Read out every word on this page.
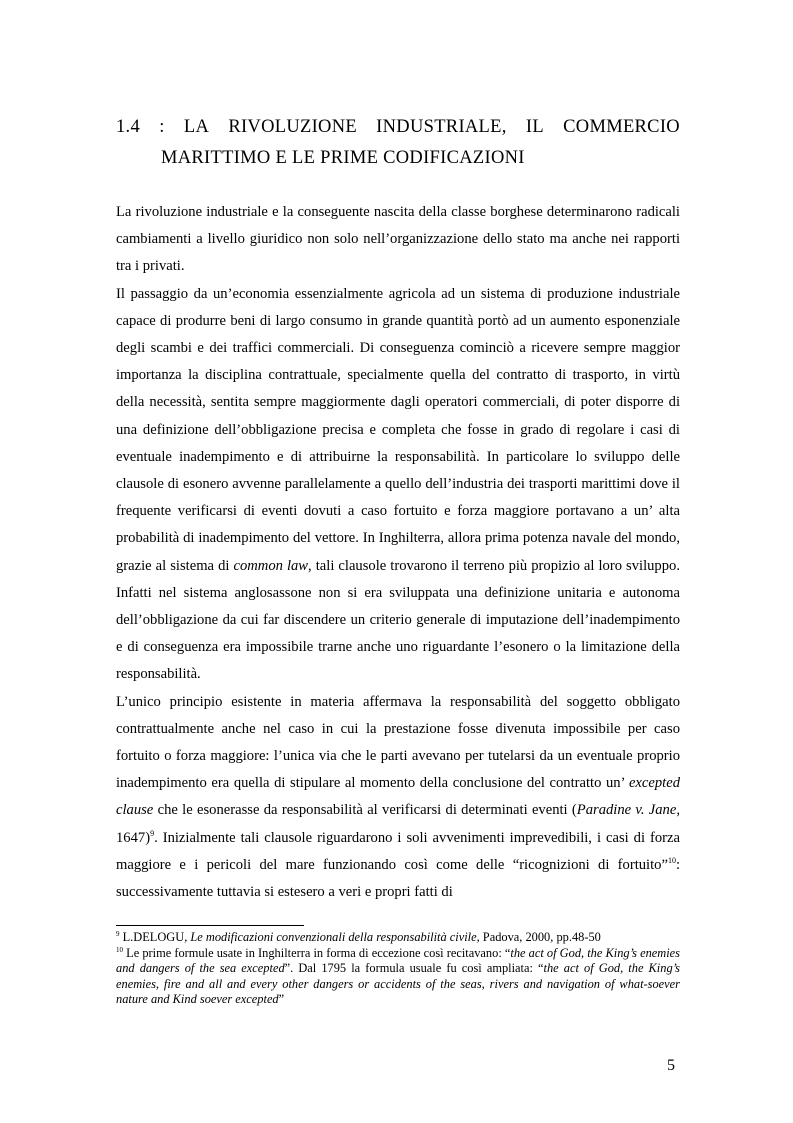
1.4 : LA RIVOLUZIONE INDUSTRIALE, IL COMMERCIO
MARITTIMO E LE PRIME CODIFICAZIONI

La rivoluzione industriale e la conseguente nascita della classe borghese determinarono radicali cambiamenti a livello giuridico non solo nell’organizzazione dello stato ma anche nei rapporti tra i privati.

Il passaggio da un’economia essenzialmente agricola ad un sistema di produzione industriale capace di produrre beni di largo consumo in grande quantità portò ad un aumento esponenziale degli scambi e dei traffici commerciali. Di conseguenza cominciò a ricevere sempre maggior importanza la disciplina contrattuale, specialmente quella del contratto di trasporto, in virtù della necessità, sentita sempre maggiormente dagli operatori commerciali, di poter disporre di una definizione dell’obbligazione precisa e completa che fosse in grado di regolare i casi di eventuale inadempimento e di attribuirne la responsabilità. In particolare lo sviluppo delle clausole di esonero avvenne parallelamente a quello dell’industria dei trasporti marittimi dove il frequente verificarsi di eventi dovuti a caso fortuito e forza maggiore portavano a un’ alta probabilità di inadempimento del vettore. In Inghilterra, allora prima potenza navale del mondo, grazie al sistema di common law, tali clausole trovarono il terreno più propizio al loro sviluppo. Infatti nel sistema anglosassone non si era sviluppata una definizione unitaria e autonoma dell’obbligazione da cui far discendere un criterio generale di imputazione dell’inadempimento e di conseguenza era impossibile trarne anche uno riguardante l’esonero o la limitazione della responsabilità.

L’unico principio esistente in materia affermava la responsabilità del soggetto obbligato contrattualmente anche nel caso in cui la prestazione fosse divenuta impossibile per caso fortuito o forza maggiore: l’unica via che le parti avevano per tutelarsi da un eventuale proprio inadempimento era quella di stipulare al momento della conclusione del contratto un’ excepted clause che le esonerasse da responsabilità al verificarsi di determinati eventi (Paradine v. Jane, 1647)$^9$. Inizialmente tali clausole riguardarono i soli avvenimenti imprevedibili, i casi di forza maggiore e i pericoli del mare funzionando così come delle “ricognizioni di fortuito”$^{10}$: successivamente tuttavia si estesero a veri e propri fatti di

$^9$ L.DELOGU, Le modificazioni convenzionali della responsabilità civile, Padova, 2000, pp.48-50

$^{10}$ Le prime formule usate in Inghilterra in forma di eccezione così recitavano: “the act of God, the King’s enemies and dangers of the sea excepted”. Dal 1795 la formula usuale fu così ampliata: “the act of God, the King’s enemies, fire and all and every other dangers or accidents of the seas, rivers and navigation of what-soever nature and Kind soever excepted”

5
